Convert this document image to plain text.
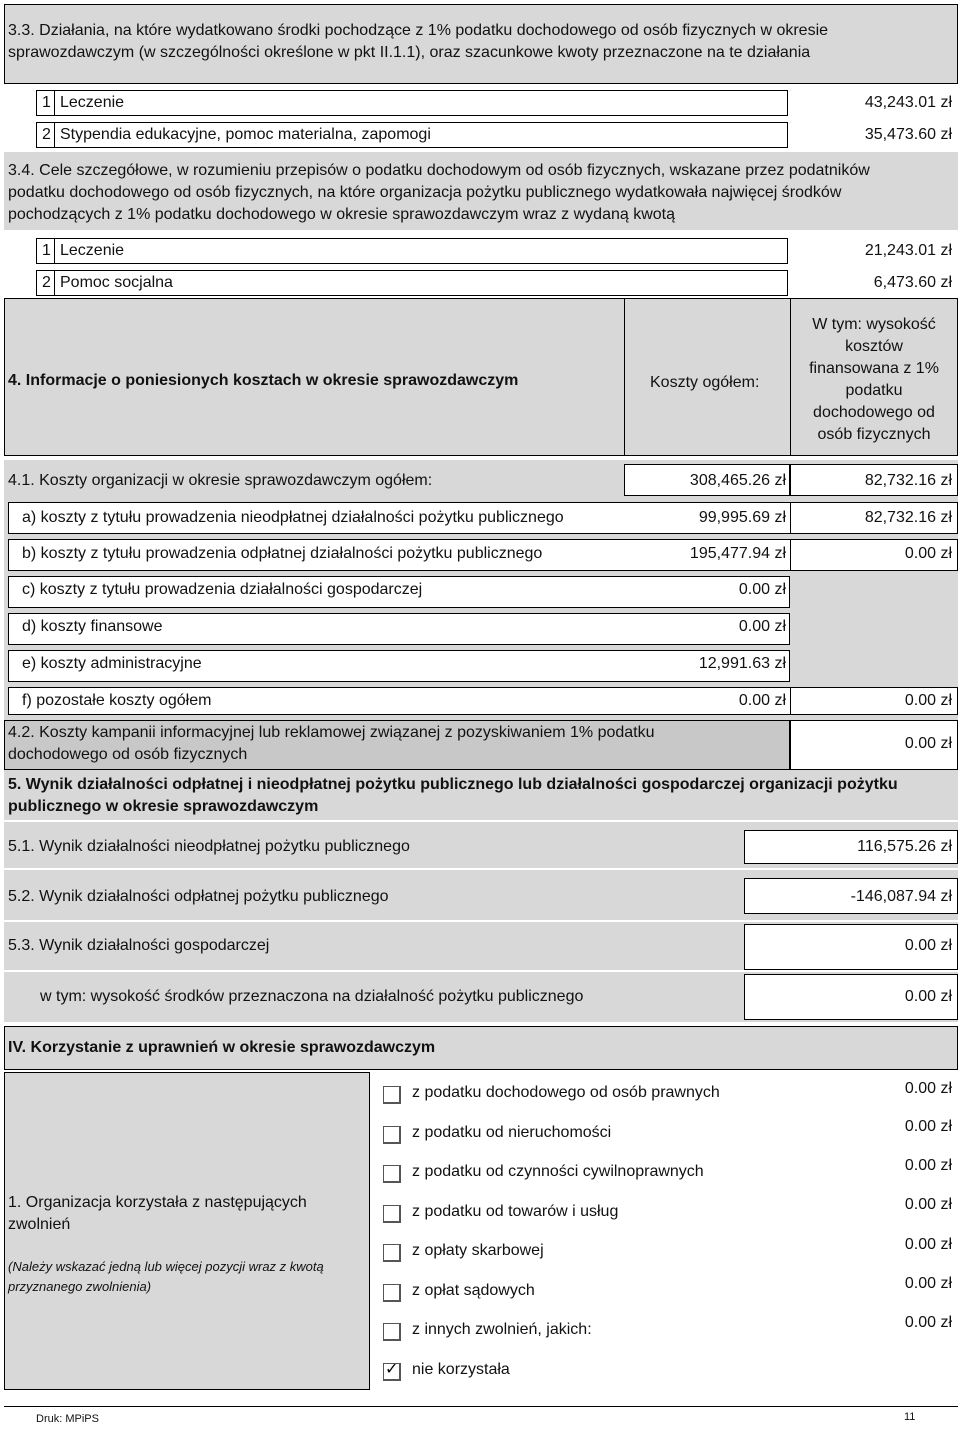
3.3. Działania, na które wydatkowano środki pochodzące z 1% podatku dochodowego od osób fizycznych w okresie sprawozdawczym (w szczególności określone w pkt II.1.1), oraz szacunkowe kwoty przeznaczone na te działania
1 Leczenie	43,243.01 zł
2 Stypendia edukacyjne, pomoc materialna, zapomogi	35,473.60 zł
3.4. Cele szczegółowe, w rozumieniu przepisów o podatku dochodowym od osób fizycznych, wskazane przez podatników podatku dochodowego od osób fizycznych, na które organizacja pożytku publicznego wydatkowała najwięcej środków pochodzących z 1% podatku dochodowego w okresie sprawozdawczym wraz z wydaną kwotą
1 Leczenie	21,243.01 zł
2 Pomoc socjalna	6,473.60 zł
4. Informacje o poniesionych kosztach w okresie sprawozdawczym	Koszty ogółem:
W tym: wysokość kosztów finansowana z 1% podatku dochodowego od osób fizycznych
4.1. Koszty organizacji w okresie sprawozdawczym ogółem:	308,465.26 zł	82,732.16 zł
a) koszty z tytułu prowadzenia nieodpłatnej działalności pożytku publicznego	99,995.69 zł	82,732.16 zł
b) koszty z tytułu prowadzenia odpłatnej działalności pożytku publicznego	195,477.94 zł	0.00 zł
c) koszty z tytułu prowadzenia działalności gospodarczej	0.00 zł
d) koszty finansowe	0.00 zł
e) koszty administracyjne	12,991.63 zł
f) pozostałe koszty ogółem	0.00 zł	0.00 zł
4.2. Koszty kampanii informacyjnej lub reklamowej związanej z pozyskiwaniem 1% podatku dochodowego od osób fizycznych
0.00 zł
5. Wynik działalności odpłatnej i nieodpłatnej pożytku publicznego lub działalności gospodarczej organizacji pożytku publicznego w okresie sprawozdawczym
5.1. Wynik działalności nieodpłatnej pożytku publicznego	116,575.26 zł
5.2. Wynik działalności odpłatnej pożytku publicznego	-146,087.94 zł
5.3. Wynik działalności gospodarczej	0.00 zł
w tym: wysokość środków przeznaczona na działalność pożytku publicznego	0.00 zł
IV. Korzystanie z uprawnień w okresie sprawozdawczym
1. Organizacja korzystała z następujących zwolnień
(Należy wskazać jedną lub więcej pozycji wraz z kwotą przyznanego zwolnienia)
z podatku dochodowego od osób prawnych	0.00 zł
z podatku od nieruchomości	0.00 zł
z podatku od czynności cywilnoprawnych	0.00 zł
z podatku od towarów i usług	0.00 zł
z opłaty skarbowej	0.00 zł
z opłat sądowych	0.00 zł
z innych zwolnień, jakich:	0.00 zł
✓ nie korzystała
Druk: MPiPS	11
